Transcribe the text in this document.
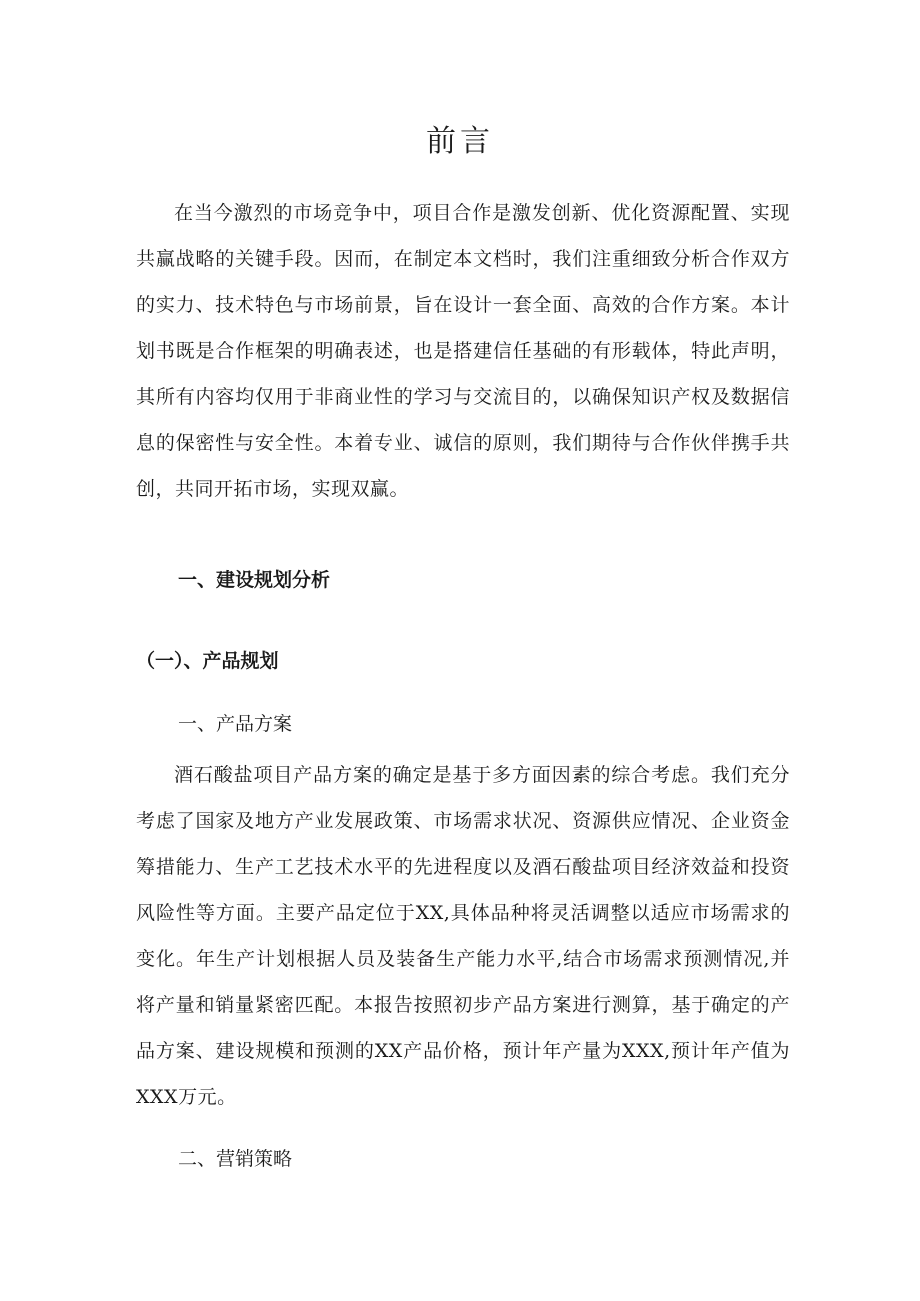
前言

在当今激烈的市场竞争中，项目合作是激发创新、优化资源配置、实现共赢战略的关键手段。因而，在制定本文档时，我们注重细致分析合作双方的实力、技术特色与市场前景，旨在设计一套全面、高效的合作方案。本计划书既是合作框架的明确表述，也是搭建信任基础的有形载体，特此声明，其所有内容均仅用于非商业性的学习与交流目的，以确保知识产权及数据信息的保密性与安全性。本着专业、诚信的原则，我们期待与合作伙伴携手共创，共同开拓市场，实现双赢。

一、建设规划分析
（一）、产品规划

一、产品方案

酒石酸盐项目产品方案的确定是基于多方面因素的综合考虑。我们充分考虑了国家及地方产业发展政策、市场需求状况、资源供应情况、企业资金筹措能力、生产工艺技术水平的先进程度以及酒石酸盐项目经济效益和投资风险性等方面。主要产品定位于XX,具体品种将灵活调整以适应市场需求的变化。年生产计划根据人员及装备生产能力水平,结合市场需求预测情况,并将产量和销量紧密匹配。本报告按照初步产品方案进行测算，基于确定的产品方案、建设规模和预测的XX产品价格，预计年产量为XXX,预计年产值为XXX万元。

二、营销策略
